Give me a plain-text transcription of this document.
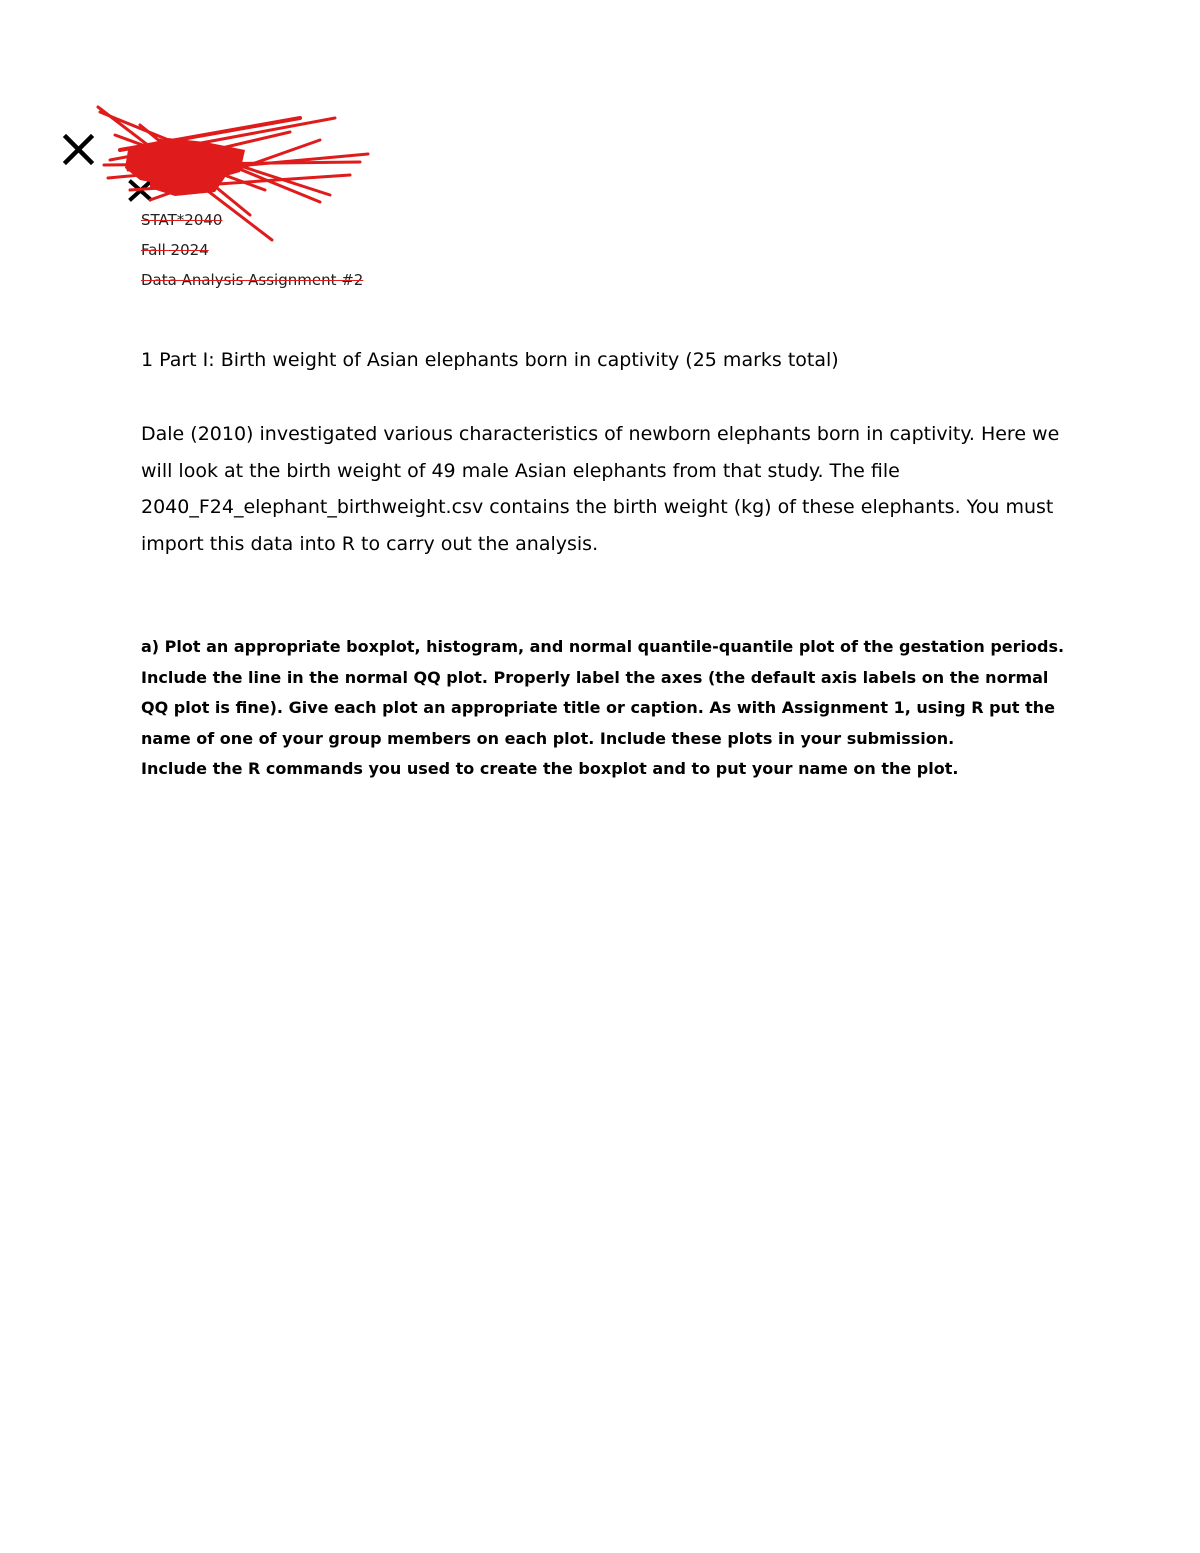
STAT*2040
Fall 2024
Data Analysis Assignment #2
1 Part I: Birth weight of Asian elephants born in captivity (25 marks total)

Dale (2010) investigated various characteristics of newborn elephants born in captivity. Here we will look at the birth weight of 49 male Asian elephants from that study. The file 2040_F24_elephant_birthweight.csv contains the birth weight (kg) of these elephants. You must import this data into R to carry out the analysis.

a) Plot an appropriate boxplot, histogram, and normal quantile-quantile plot of the gestation periods. Include the line in the normal QQ plot. Properly label the axes (the default axis labels on the normal QQ plot is fine). Give each plot an appropriate title or caption. As with Assignment 1, using R put the name of one of your group members on each plot. Include these plots in your submission.
Include the R commands you used to create the boxplot and to put your name on the plot.
